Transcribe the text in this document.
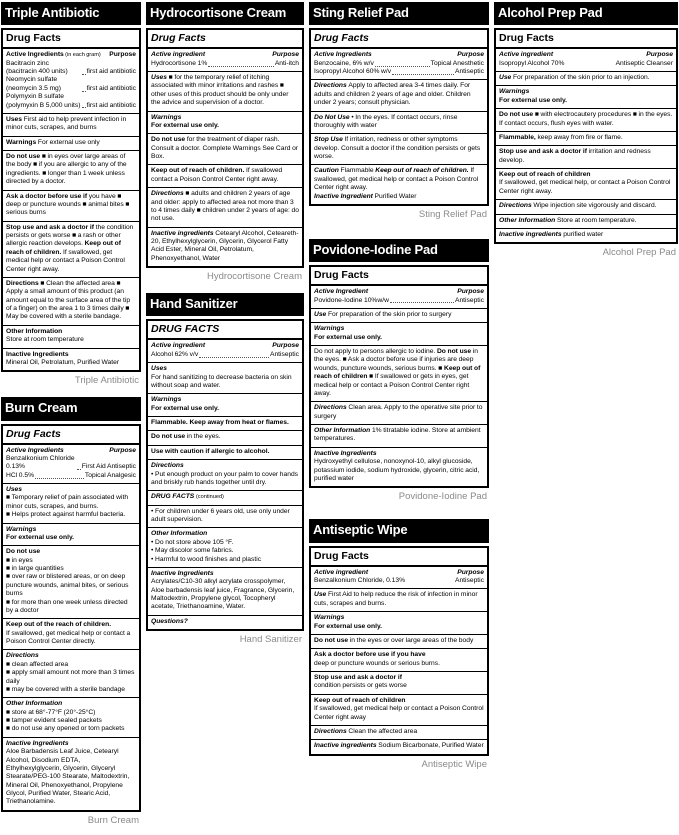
Triple Antibiotic
Drug Facts
Active Ingredients (in each gram) Purpose
Bacitracin zinc (bacitracin 400 units)	first aid antibiotic
Neomycin sulfate (neomycin 3.5 mg)	first aid antibiotic
Polymyxin B sulfate (polymyxin B 5,000 units) first aid antibiotic
Uses First aid to help prevent infection in minor cuts, scrapes, and burns
Warnings For external use only
Do not use ■ in eyes over large areas of the body ■ if you are allergic to any of the ingredients. ■ longer than 1 week unless directed by a doctor.
Ask a doctor before use if you have ■ deep or puncture wounds ■ animal bites ■ serious burns
Stop use and ask a doctor if the condition persists or gets worse ■ a rash or other allergic reaction develops. Keep out of reach of children. If swallowed, get medical help or contact a Poison Control Center right away.
Directions ■ Clean the affected area ■ Apply a small amount of this product (an amount equal to the surface area of the tip of a finger) on the area 1 to 3 times daily ■ May be covered with a sterile bandage.
Other Information
Store at room temperature
Inactive Ingredients
Mineral Oil, Petrolatum, Purified Water
Triple Antibiotic
Burn Cream
Drug Facts
Active Ingredients	Purpose
Benzalkonium Chloride 0.13%	First Aid Antiseptic
HCl 0.5%	Topical Analgesic
Uses
■ Temporary relief of pain associated with minor cuts, scrapes, and burns.
■ Helps protect against harmful bacteria.
Warnings
For external use only.
Do not use
■ in eyes
■ in large quantities
■ over raw or blistered areas, or on deep puncture wounds, animal bites, or serious burns
■ for more than one week unless directed by a doctor
Keep out of the reach of children.
If swallowed, get medical help or contact a Poison Control Center directly.
Directions
■ clean affected area
■ apply small amount not more than 3 times daily
■ may be covered with a sterile bandage
Other Information
■ store at 68°-77°F (20°-25°C)
■ tamper evident sealed packets
■ do not use any opened or torn packets
Inactive Ingredients
Aloe Barbadensis Leaf Juice, Cetearyl Alcohol, Disodium EDTA, Ethylhexylglycerin, Glycerin, Glyceryl Stearate/PEG-100 Stearate, Maltodextrin, Mineral Oil, Phenoxyethanol, Propylene Glycol, Purified Water, Stearic Acid, Triethanolamine.
Burn Cream
Hydrocortisone Cream
Drug Facts
Active ingredient	Purpose
Hydrocortisone 1%	Anti-itch
Uses ■ for the temporary relief of itching associated with minor irritations and rashes ■ other uses of this product should be only under the advice and supervision of a doctor.
Warnings
For external use only.
Do not use for the treatment of diaper rash. Consult a doctor. Complete Warnings See Card or Box.
Keep out of reach of children. If swallowed contact a Poison Control Center right away.
Directions ■ adults and children 2 years of age and older: apply to affected area not more than 3 to 4 times daily ■ children under 2 years of age: do not use.
Inactive ingredients Cetearyl Alcohol, Ceteareth-20, Ethylhexylglycerin, Glycerin, Glycerol Fatty Acid Ester, Mineral Oil, Petrolatum, Phenoxyethanol, Water
Hydrocortisone Cream
Hand Sanitizer
DRUG FACTS
Active ingredient	Purpose
Alcohol 62% v/v	Antiseptic
Uses
For hand sanitizing to decrease bacteria on skin without soap and water.
Warnings
For external use only.
Flammable. Keep away from heat or flames.
Do not use in the eyes.
Use with caution if allergic to alcohol.
Directions
• Put enough product on your palm to cover hands and briskly rub hands together until dry.
DRUG FACTS (continued)
• For children under 6 years old, use only under adult supervision.
Other Information
• Do not store above 105 °F.
• May discolor some fabrics.
• Harmful to wood finishes and plastic
Inactive Ingredients
Acrylates/C10-30 alkyl acrylate crosspolymer, Aloe barbadensis leaf juice, Fragrance, Glycerin, Maltodextrin, Propylene glycol, Tocopheryl acetate, Triethanoamine, Water.
Questions?
Hand Sanitizer
Sting Relief Pad
Drug Facts
Active Ingredients	Purpose
Benzocaine, 6% w/v	Topical Anesthetic
Isopropyl Alcohol 60% w/v	Antiseptic
Directions Apply to affected area 3-4 times daily. For adults and children 2 years of age and older. Children under 2 years; consult physician.
Do Not Use • In the eyes. If contact occurs, rinse thoroughly with water
Stop Use If irritation, redness or other symptoms develop. Consult a doctor if the condition persists or gets worse.
Caution Flammable Keep out of reach of children. If swallowed, get medical help or contact a Poison Control Center right away.
Inactive Ingredient Purified Water
Sting Relief Pad
Povidone-Iodine Pad
Drug Facts
Active Ingredient	Purpose
Povidone-Iodine 10%w/w	Antiseptic
Use For preparation of the skin prior to surgery
Warnings
For external use only.
Do not apply to persons allergic to iodine. Do not use in the eyes. ■ Ask a doctor before use if injuries are deep wounds, puncture wounds, serious burns. ■ Keep out of reach of children ■ If swallowed or gets in eyes, get medical help or contact a Poison Control Center right away.
Directions Clean area. Apply to the operative site prior to surgery
Other Information 1% titratable iodine. Store at ambient temperatures.
Inactive Ingredients
Hydroxyethyl cellulose, nonoxynol-10, alkyl glucoside, potassium iodide, sodium hydroxide, glycerin, citric acid, purified water
Povidone-Iodine Pad
Antiseptic Wipe
Drug Facts
Active ingredient	Purpose
Benzalkonium Chloride, 0.13%	Antiseptic
Use First Aid to help reduce the risk of infection in minor cuts, scrapes and burns.
Warnings
For external use only.
Do not use in the eyes or over large areas of the body
Ask a doctor before use if you have
deep or puncture wounds or serious burns.
Stop use and ask a doctor if
condition persists or gets worse
Keep out of reach of children
If swallowed, get medical help or contact a Poison Control Center right away
Directions Clean the affected area
Inactive ingredients Sodium Bicarbonate, Purified Water
Antiseptic Wipe
Alcohol Prep Pad
Drug Facts
Active ingredient	Purpose
Isopropyl Alcohol 70%	Antiseptic Cleanser
Use For preparation of the skin prior to an injection.
Warnings
For external use only.
Do not use ■ with electrocautery procedures ■ in the eyes. If contact occurs, flush eyes with water.
Flammable, keep away from fire or flame.
Stop use and ask a doctor if irritation and redness develop.
Keep out of reach of children
If swallowed, get medical help, or contact a Poison Control Center right away.
Directions Wipe injection site vigorously and discard.
Other Information Store at room temperature.
Inactive ingredients purified water
Alcohol Prep Pad
